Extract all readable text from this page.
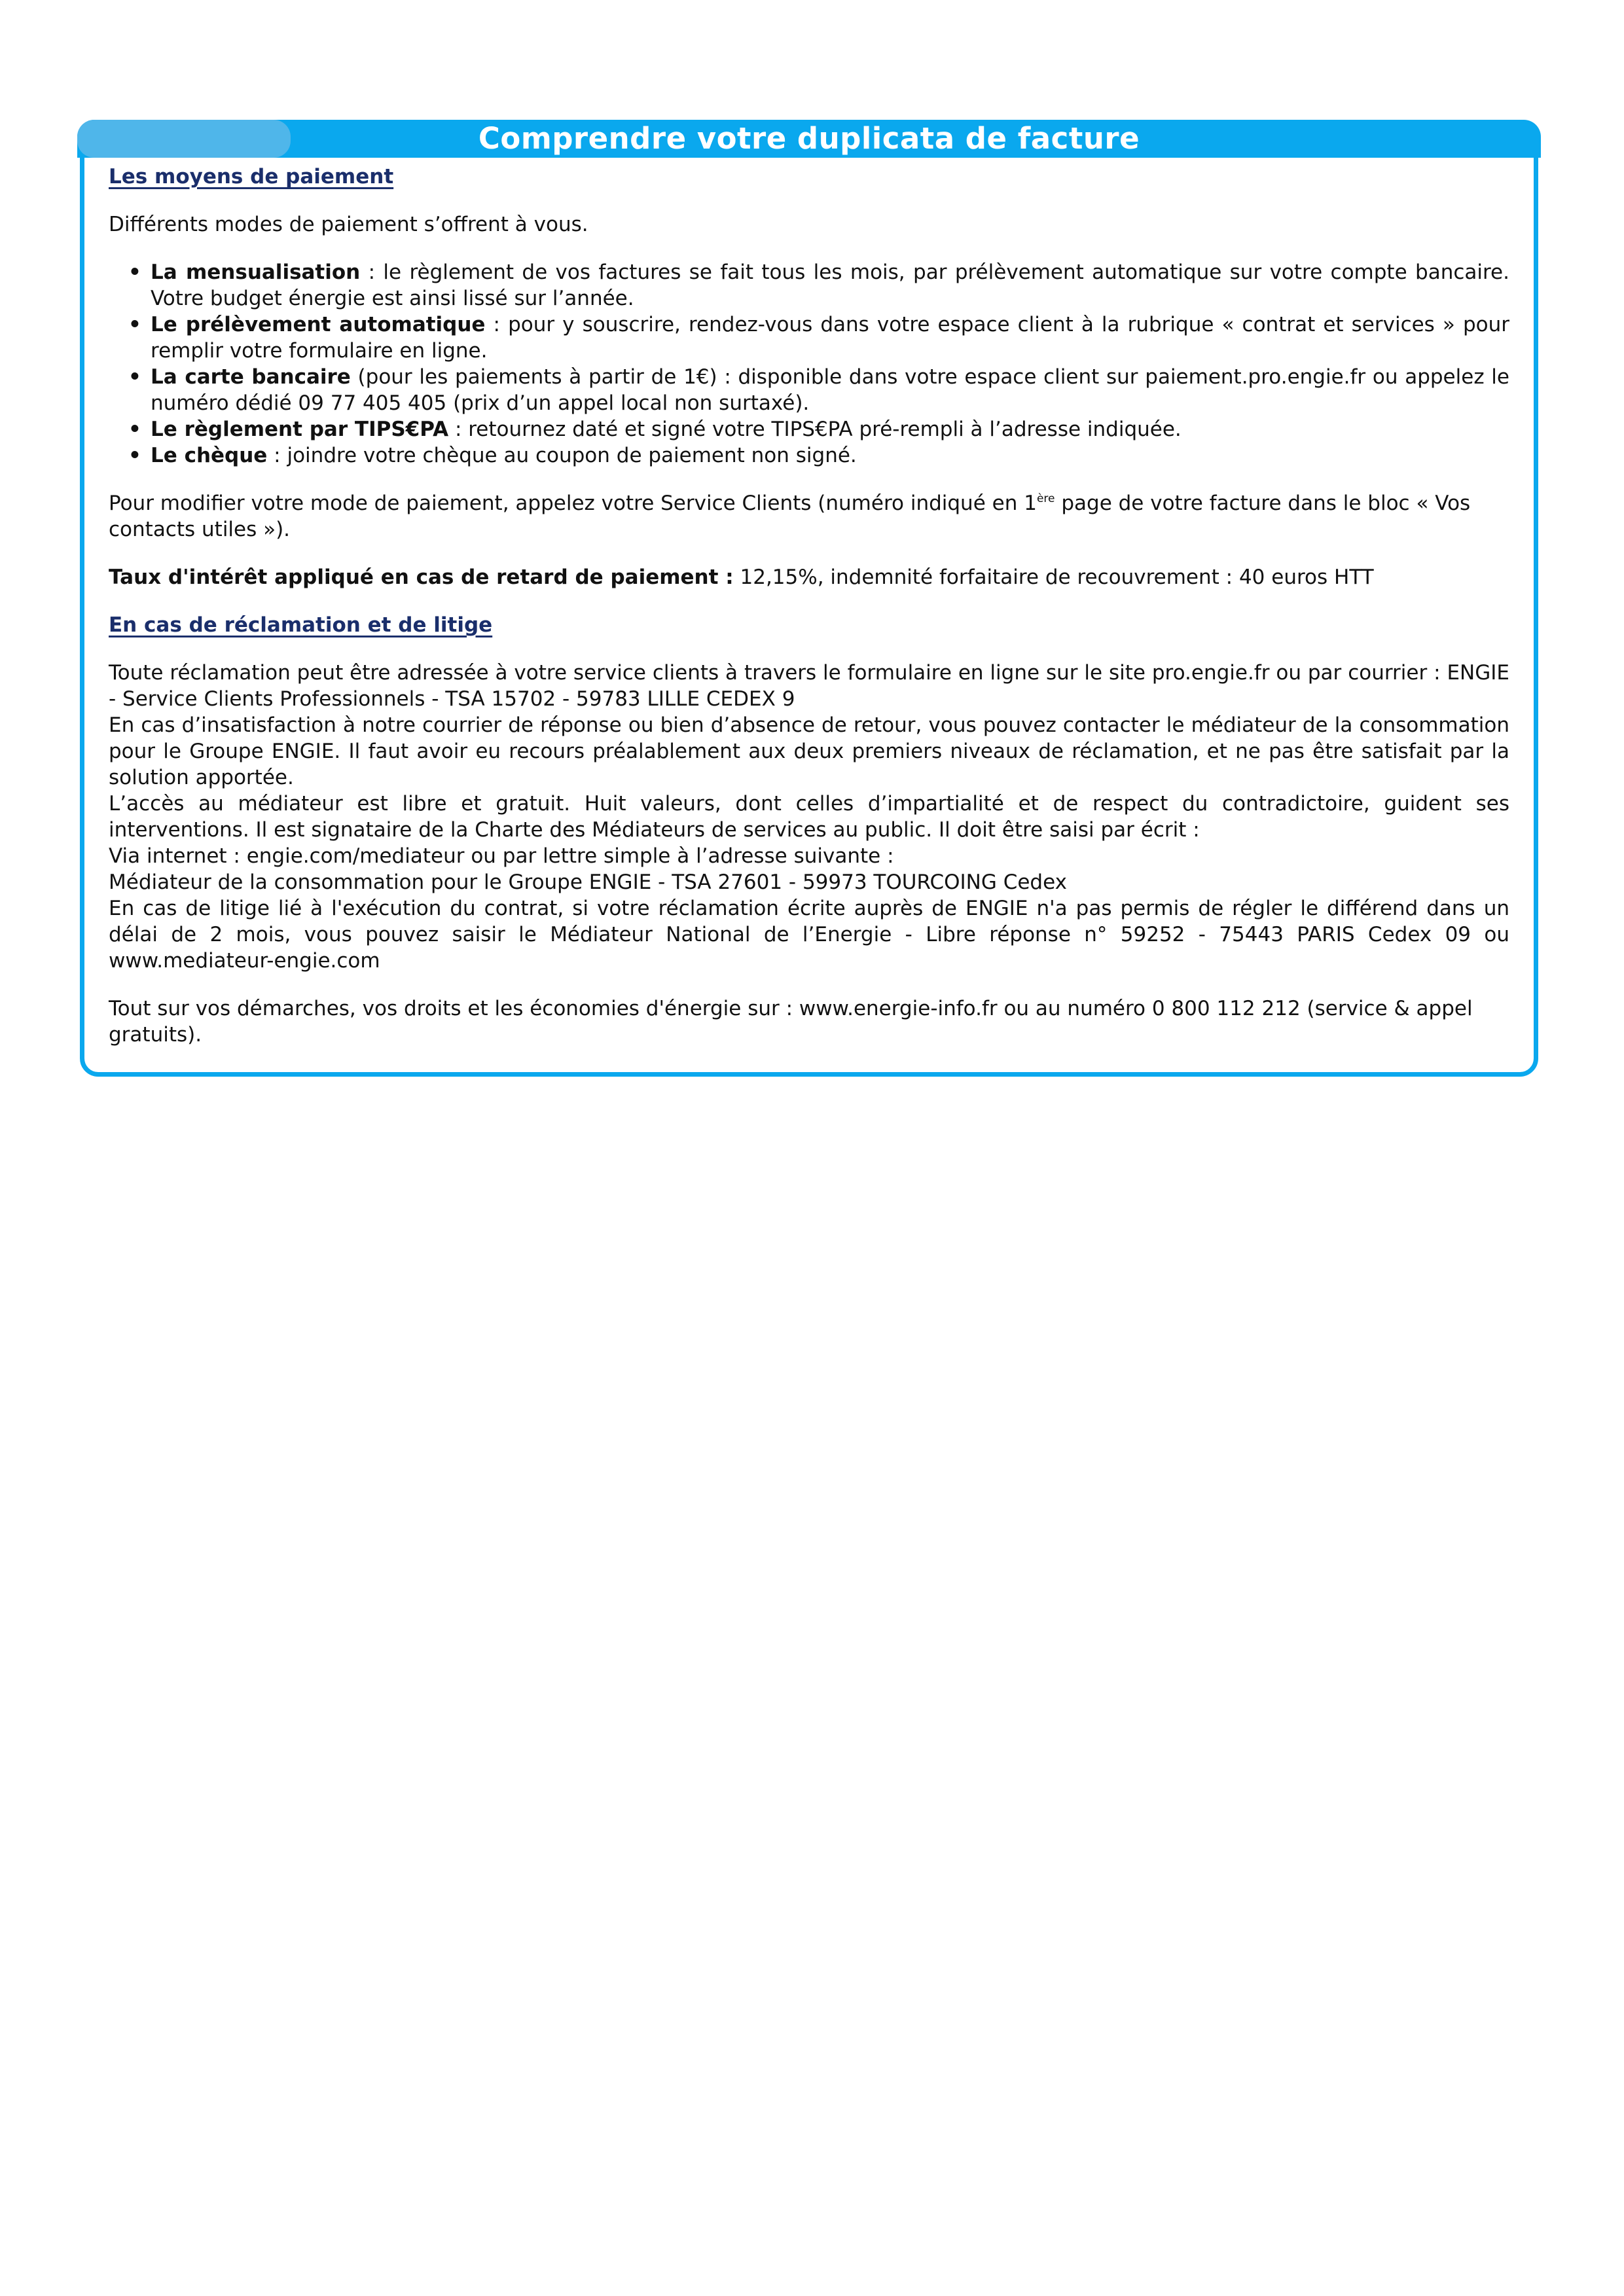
Comprendre votre duplicata de facture
Les moyens de paiement

Différents modes de paiement s’offrent à vous.

• La mensualisation : le règlement de vos factures se fait tous les mois, par prélèvement automatique sur votre compte bancaire. Votre budget énergie est ainsi lissé sur l’année.
• Le prélèvement automatique : pour y souscrire, rendez-vous dans votre espace client à la rubrique « contrat et services » pour remplir votre formulaire en ligne.
• La carte bancaire (pour les paiements à partir de 1€) : disponible dans votre espace client sur paiement.pro.engie.fr ou appelez le numéro dédié 09 77 405 405 (prix d’un appel local non surtaxé).
• Le règlement par TIPS€PA : retournez daté et signé votre TIPS€PA pré-rempli à l’adresse indiquée.
• Le chèque : joindre votre chèque au coupon de paiement non signé.

Pour modifier votre mode de paiement, appelez votre Service Clients (numéro indiqué en 1ère page de votre facture dans le bloc « Vos contacts utiles »).

Taux d'intérêt appliqué en cas de retard de paiement : 12,15%, indemnité forfaitaire de recouvrement : 40 euros HTT

En cas de réclamation et de litige

Toute réclamation peut être adressée à votre service clients à travers le formulaire en ligne sur le site pro.engie.fr ou par courrier : ENGIE - Service Clients Professionnels - TSA 15702 - 59783 LILLE CEDEX 9

En cas d’insatisfaction à notre courrier de réponse ou bien d’absence de retour, vous pouvez contacter le médiateur de la consommation pour le Groupe ENGIE. Il faut avoir eu recours préalablement aux deux premiers niveaux de réclamation, et ne pas être satisfait par la solution apportée.

L’accès au médiateur est libre et gratuit. Huit valeurs, dont celles d’impartialité et de respect du contradictoire, guident ses interventions. Il est signataire de la Charte des Médiateurs de services au public. Il doit être saisi par écrit :

Via internet : engie.com/mediateur ou par lettre simple à l’adresse suivante :

Médiateur de la consommation pour le Groupe ENGIE - TSA 27601 - 59973 TOURCOING Cedex

En cas de litige lié à l'exécution du contrat, si votre réclamation écrite auprès de ENGIE n'a pas permis de régler le différend dans un délai de 2 mois, vous pouvez saisir le Médiateur National de l’Energie - Libre réponse n° 59252 - 75443 PARIS Cedex 09 ou www.mediateur-engie.com

Tout sur vos démarches, vos droits et les économies d'énergie sur : www.energie-info.fr ou au numéro 0 800 112 212 (service & appel gratuits).
